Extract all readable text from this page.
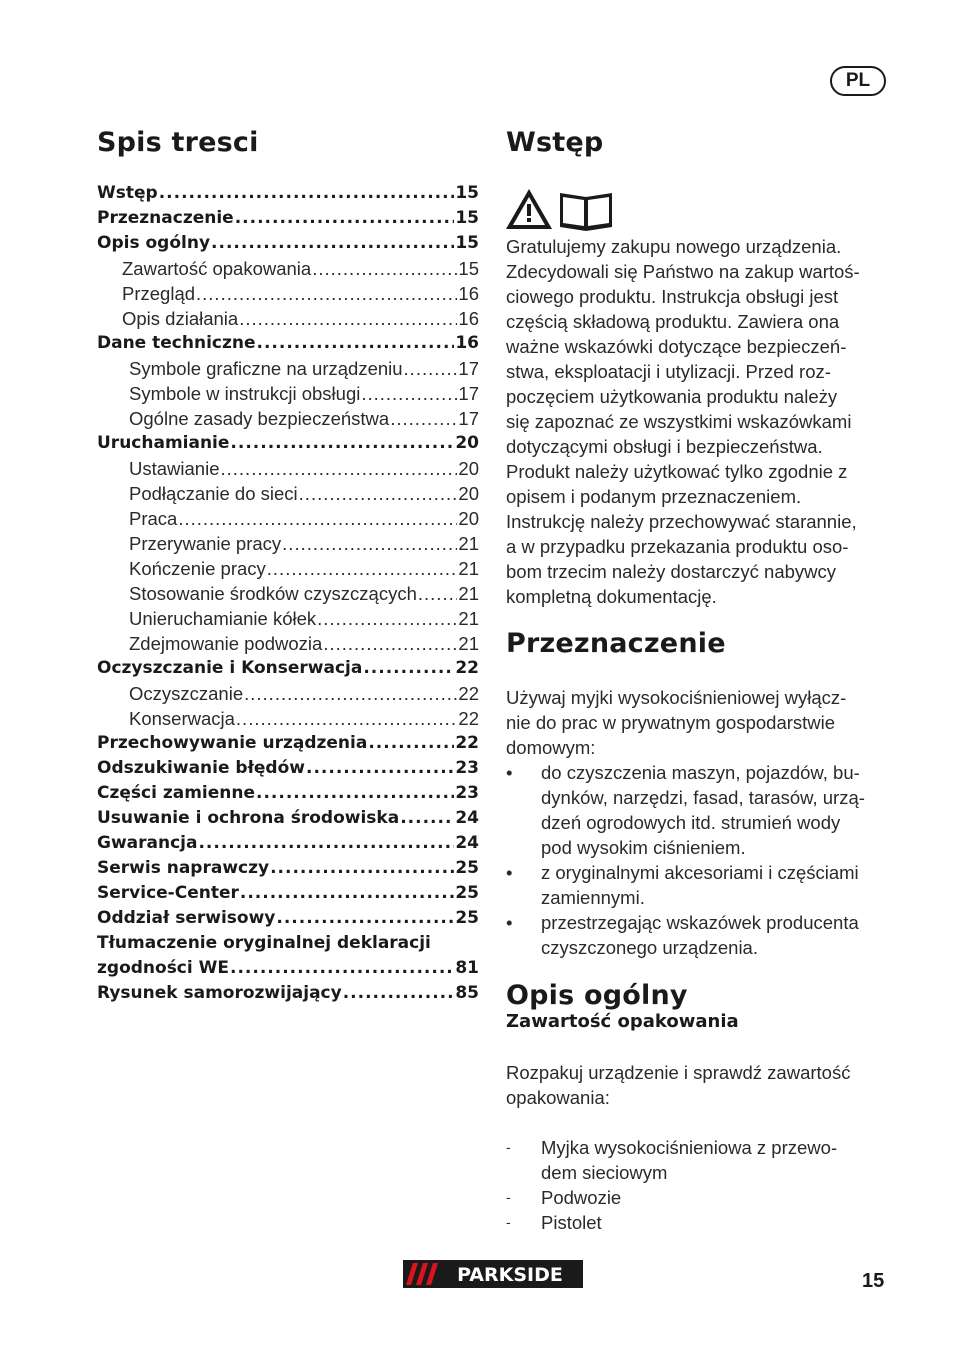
PL
Spis tresci
Wstęp .....	15
Przeznaczenie .....	15
Opis ogólny .....	15
Zawartość opakowania .....	15
Przegląd .....	16
Opis działania .....	16
Dane techniczne .....	16
Symbole graficzne na urządzeniu .....	17
Symbole w instrukcji obsługi .....	17
Ogólne zasady bezpieczeństwa .....	17
Uruchamianie .....	20
Ustawianie .....	20
Podłączanie do sieci .....	20
Praca .....	20
Przerywanie pracy .....	21
Kończenie pracy .....	21
Stosowanie środków czyszczących ..... 21
Unieruchamianie kółek .....	21
Zdejmowanie podwozia .....	21
Oczyszczanie i Konserwacja .....	22
Oczyszczanie .....	22
Konserwacja .....	22
Przechowywanie urządzenia .....	22
Odszukiwanie błędów .....	23
Części zamienne .....	23
Usuwanie i ochrona środowiska .....	24
Gwarancja .....	24
Serwis naprawczy .....	25
Service-Center .....	25
Oddział serwisowy .....	25
Tłumaczenie oryginalnej deklaracji
zgodności WE .....	81
Rysunek samorozwijający .....	85
Wstęp

Gratulujemy zakupu nowego urządzenia.

Zdecydowali się Państwo na zakup wartoś-

ciowego produktu. Instrukcja obsługi jest

częścią składową produktu. Zawiera ona

ważne wskazówki dotyczące bezpieczeń-

stwa, eksploatacji i utylizacji. Przed roz-

poczęciem użytkowania produktu należy

się zapoznać ze wszystkimi wskazówkami

dotyczącymi obsługi i bezpieczeństwa.

Produkt należy użytkować tylko zgodnie z

opisem i podanym przeznaczeniem.

Instrukcję należy przechowywać starannie,

a w przypadku przekazania produktu oso-

bom trzecim należy dostarczyć nabywcy

kompletną dokumentację.

Przeznaczenie

Używaj myjki wysokociśnieniowej wyłącz-

nie do prac w prywatnym gospodarstwie

domowym:

• do czyszczenia maszyn, pojazdów, bu-

dynków, narzędzi, fasad, tarasów, urzą-

dzeń ogrodowych itd. strumień wody

pod wysokim ciśnieniem.

• z oryginalnymi akcesoriami i częściami

zamiennymi.

• przestrzegając wskazówek producenta

czyszczonego urządzenia.

Opis ogólny
Zawartość opakowania

Rozpakuj urządzenie i sprawdź zawartość

opakowania:

- Myjka wysokociśnieniowa z przewo-

dem sieciowym

- Podwozie

- Pistolet

PARKSIDE	15
